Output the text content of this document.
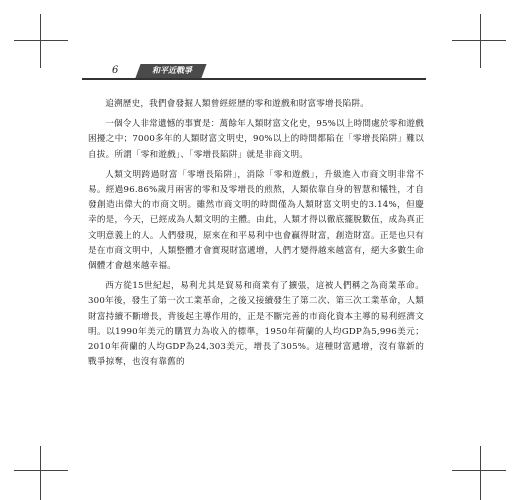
6	和平近戰爭

追溯歷史，我們會發掘人類曾經經歷的零和遊戲和財富零增長陷阱。

一個令人非常遺憾的事實是：萬餘年人類財富文化史，95%以上時間處於零和遊戲困擾之中；7000多年的人類財富文明史，90%以上的時間都陷在「零增長陷阱」難以自拔。所謂「零和遊戲」、「零增長陷阱」就是非商文明。

人類文明跨過財富「零增長陷阱」，消除「零和遊戲」，升級進入市商文明非常不易。經過96.86%歲月兩害的零和及零增長的煎熬，人類依靠自身的智慧和犧牲，才自發創造出偉大的市商文明。雖然市商文明的時間僅為人類財富文明史的3.14%，但慶幸的是，今天，已經成為人類文明的主體。由此，人類才得以徹底擺脫數伍，成為真正文明意義上的人。人們發現，原來在和平易利中也會贏得財富，創造財富。正是也只有是在市商文明中，人類整體才會實現財富遞增，人們才變得越來越富有，絕大多數生命個體才會越來越幸福。

西方從15世紀起，易利尤其是貿易和商業有了擴張，這被人們稱之為商業革命。300年後，發生了第一次工業革命，之後又接續發生了第二次、第三次工業革命，人類財富持續不斷增長，背後起主導作用的，正是不斷完善的市商化資本主導的易利經濟文明。以1990年美元的購買力為收入的標準，1950年荷蘭的人均GDP為5,996美元；2010年荷蘭的人均GDP為24,303美元，增長了305%。這種財富遞增，沒有靠新的戰爭掠奪，也沒有靠舊的
